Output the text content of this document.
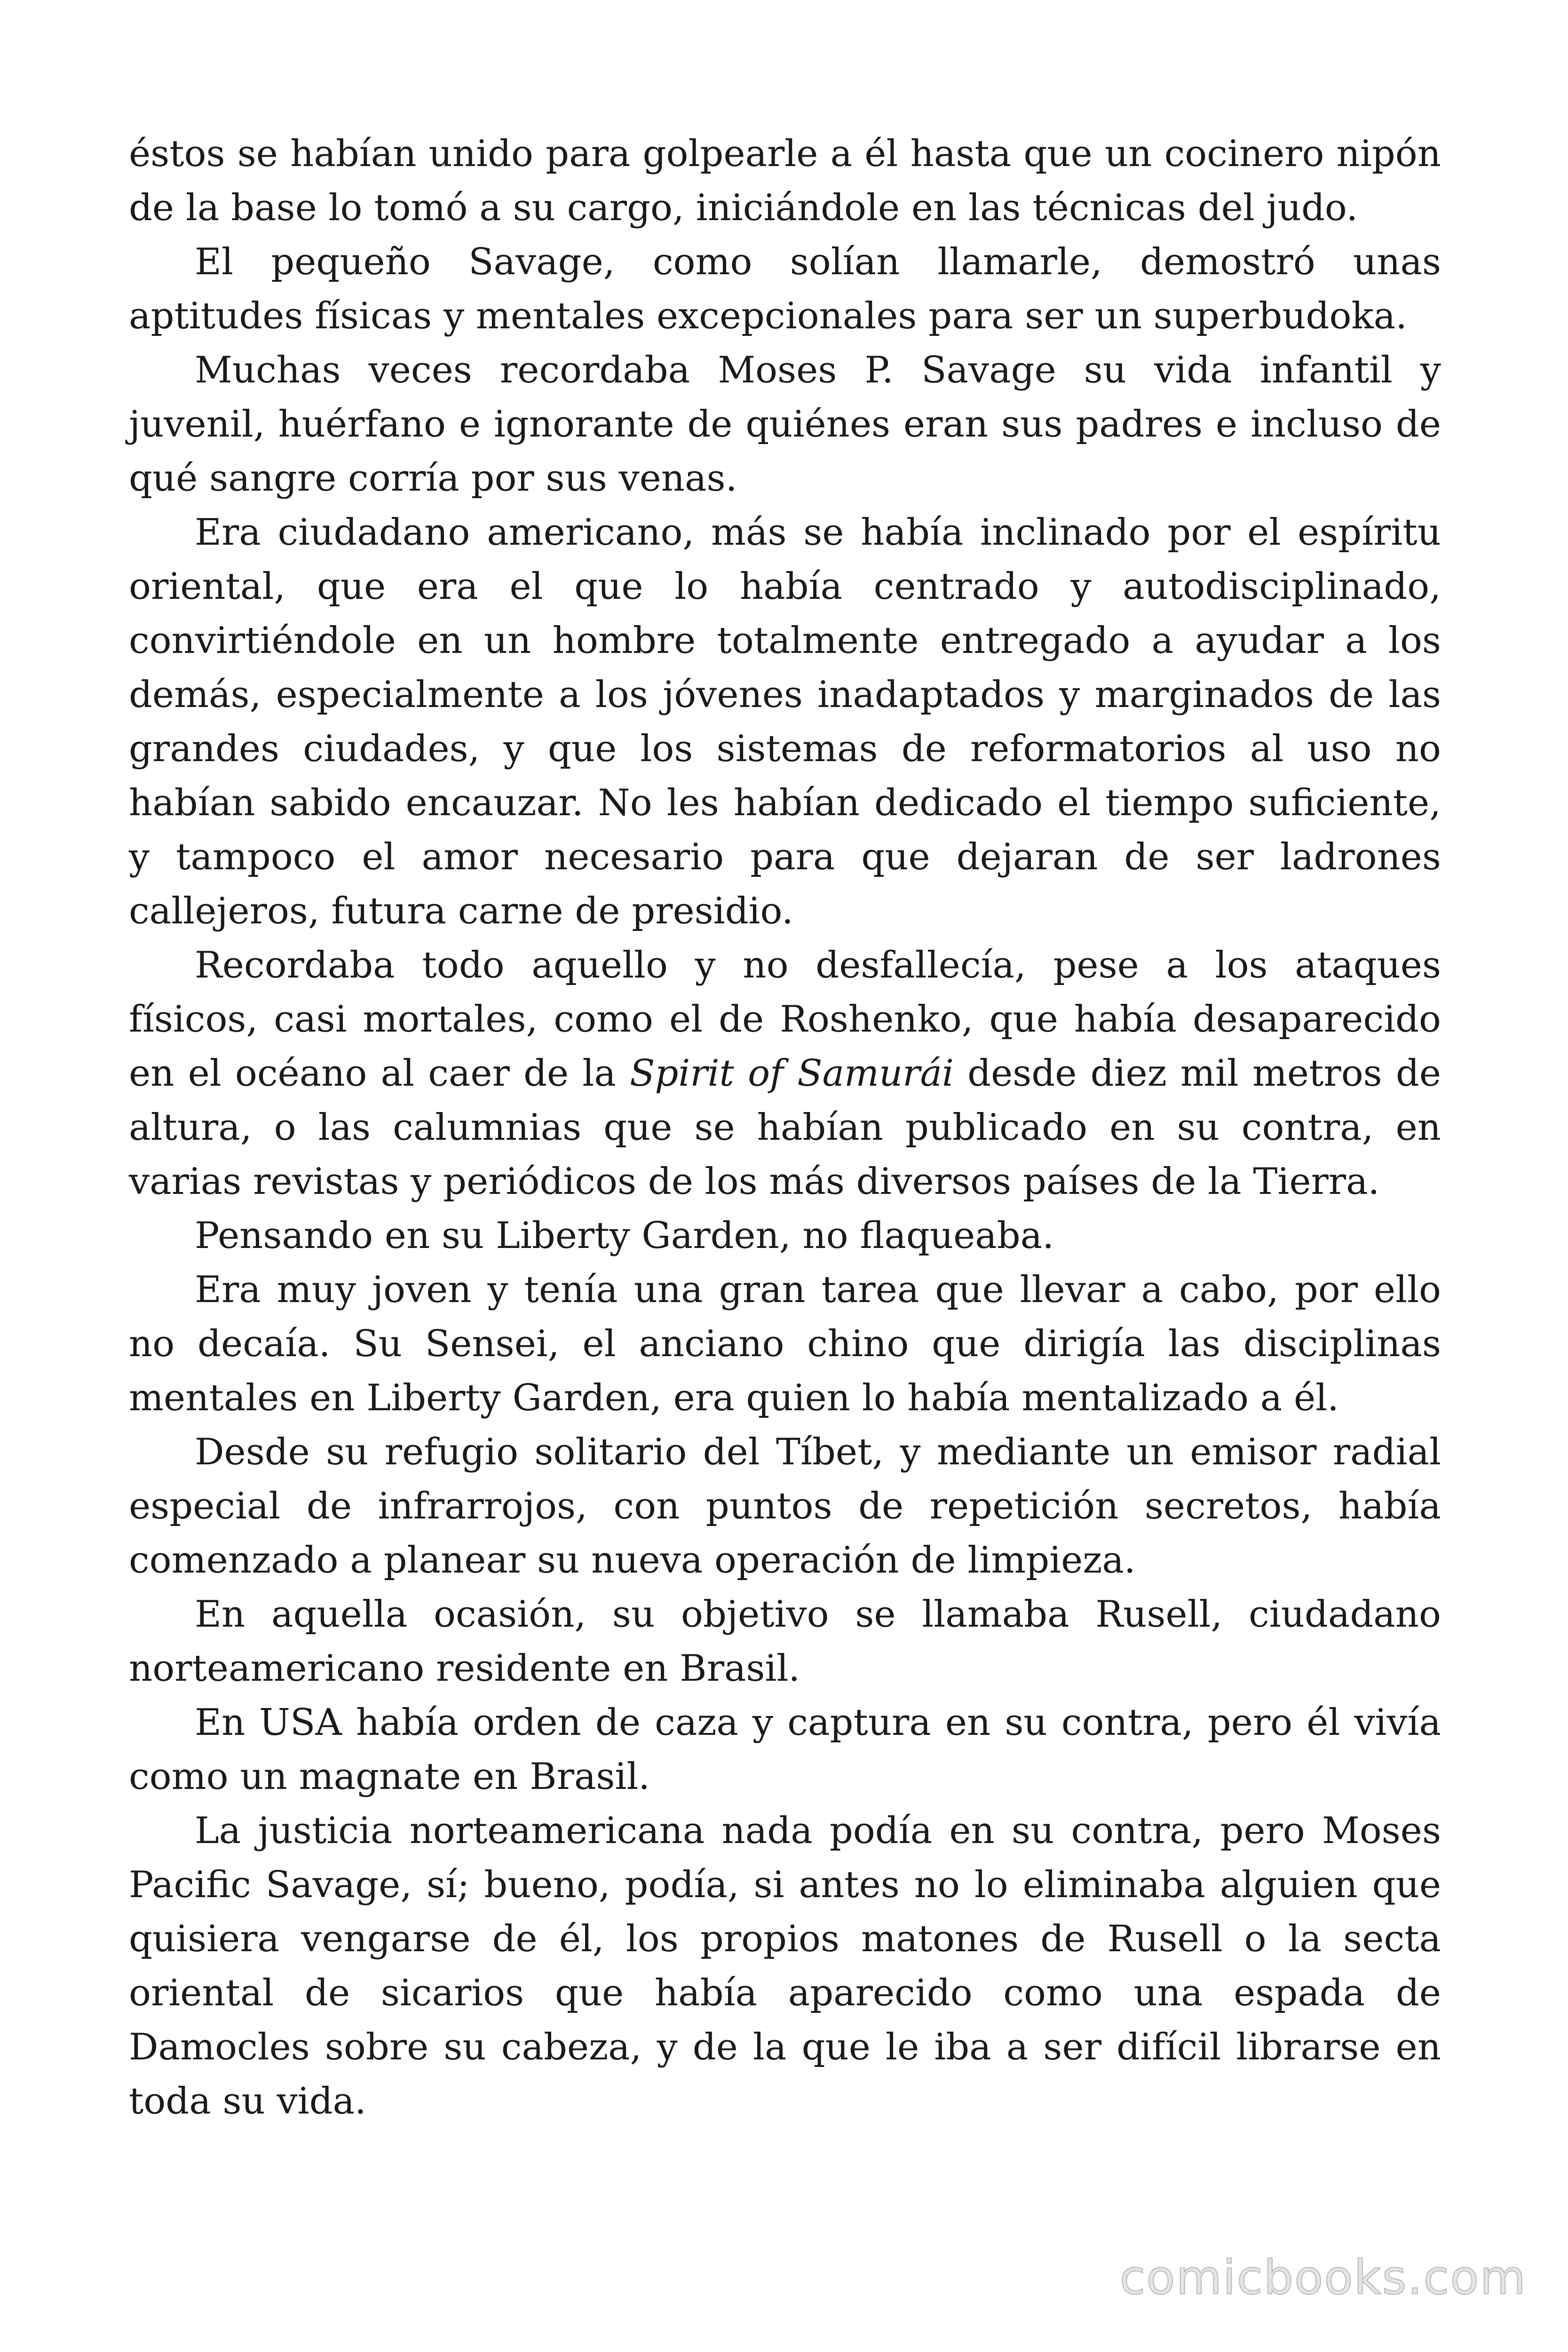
éstos se habían unido para golpearle a él hasta que un cocinero nipón de la base lo tomó a su cargo, iniciándole en las técnicas del judo.

El pequeño Savage, como solían llamarle, demostró unas aptitudes físicas y mentales excepcionales para ser un superbudoka.

Muchas veces recordaba Moses P. Savage su vida infantil y juvenil, huérfano e ignorante de quiénes eran sus padres e incluso de qué sangre corría por sus venas.

Era ciudadano americano, más se había inclinado por el espíritu oriental, que era el que lo había centrado y autodisciplinado, convirtiéndole en un hombre totalmente entregado a ayudar a los demás, especialmente a los jóvenes inadaptados y marginados de las grandes ciudades, y que los sistemas de reformatorios al uso no habían sabido encauzar. No les habían dedicado el tiempo suficiente, y tampoco el amor necesario para que dejaran de ser ladrones callejeros, futura carne de presidio.

Recordaba todo aquello y no desfallecía, pese a los ataques físicos, casi mortales, como el de Roshenko, que había desaparecido en el océano al caer de la Spirit of Samurái desde diez mil metros de altura, o las calumnias que se habían publicado en su contra, en varias revistas y periódicos de los más diversos países de la Tierra.

Pensando en su Liberty Garden, no flaqueaba.

Era muy joven y tenía una gran tarea que llevar a cabo, por ello no decaía. Su Sensei, el anciano chino que dirigía las disciplinas mentales en Liberty Garden, era quien lo había mentalizado a él.

Desde su refugio solitario del Tíbet, y mediante un emisor radial especial de infrarrojos, con puntos de repetición secretos, había comenzado a planear su nueva operación de limpieza.

En aquella ocasión, su objetivo se llamaba Rusell, ciudadano norteamericano residente en Brasil.

En USA había orden de caza y captura en su contra, pero él vivía como un magnate en Brasil.

La justicia norteamericana nada podía en su contra, pero Moses Pacific Savage, sí; bueno, podía, si antes no lo eliminaba alguien que quisiera vengarse de él, los propios matones de Rusell o la secta oriental de sicarios que había aparecido como una espada de Damocles sobre su cabeza, y de la que le iba a ser difícil librarse en toda su vida.

comicbooks.com
